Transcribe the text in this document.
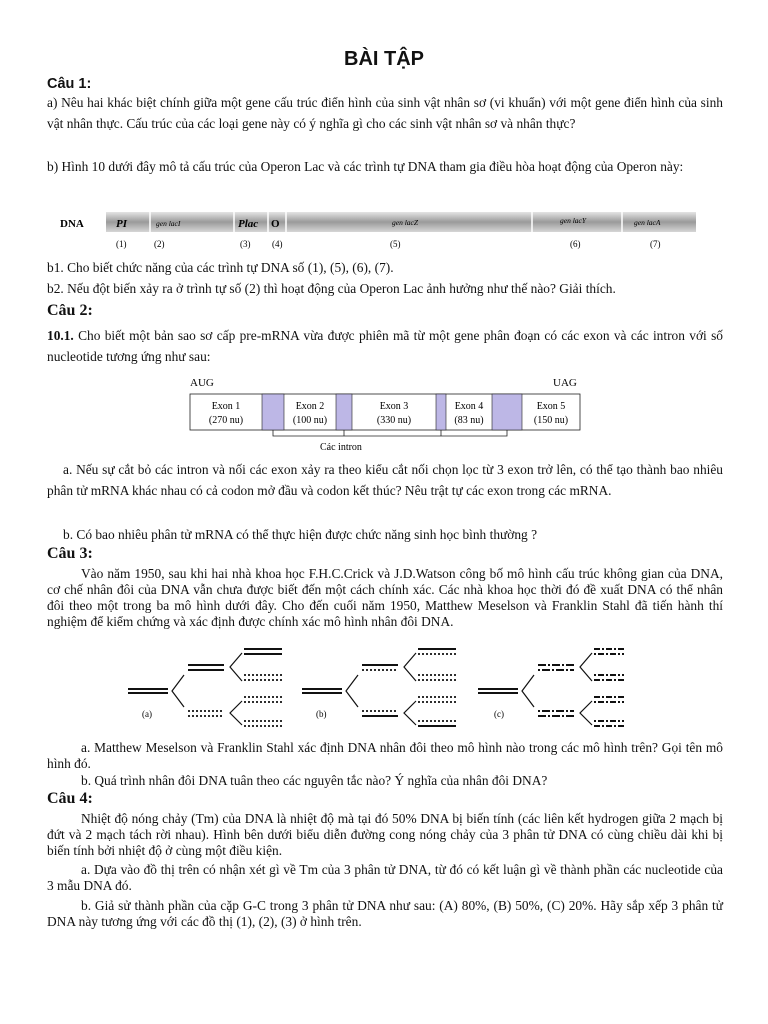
BÀI TẬP
Câu 1:
a) Nêu hai khác biệt chính giữa một gene cấu trúc điển hình của sinh vật nhân sơ (vi khuẩn) với một gene điển hình của sinh vật nhân thực. Cấu trúc của các loại gene này có ý nghĩa gì cho các sinh vật nhân sơ và nhân thực?
b) Hình 10 dưới đây mô tả cấu trúc của Operon Lac và các trình tự DNA tham gia điều hòa hoạt động của Operon này:
DNA	PI	gen lacI	Plac O	gen lacZ	gen lacY	gen lacA
(1)	(2)	(3) (4)	(5)	(6)	(7)
b1. Cho biết chức năng của các trình tự DNA số (1), (5), (6), (7).
b2. Nếu đột biến xảy ra ở trình tự số (2) thì hoạt động của Operon Lac ảnh hưởng như thế nào? Giải thích.
Câu 2:
10.1. Cho biết một bản sao sơ cấp pre-mRNA vừa được phiên mã từ một gene phân đoạn có các exon và các intron với số nucleotide tương ứng như sau:
AUG	UAG
Exon 1
(270 nu)
Exon 2
(100 nu)
Exon 3
(330 nu)
Exon 4
(83 nu)
Exon 5
(150 nu)
Các intron
a. Nếu sự cắt bỏ các intron và nối các exon xảy ra theo kiểu cắt nối chọn lọc từ 3 exon trở lên, có thể tạo thành bao nhiêu phân tử mRNA khác nhau có cả codon mở đầu và codon kết thúc? Nêu trật tự các exon trong các mRNA.
b. Có bao nhiêu phân tử mRNA có thể thực hiện được chức năng sinh học bình thường ?
Câu 3:
Vào năm 1950, sau khi hai nhà khoa học F.H.C.Crick và J.D.Watson công bố mô hình cấu trúc không gian của DNA, cơ chế nhân đôi của DNA vẫn chưa được biết đến một cách chính xác. Các nhà khoa học thời đó đề xuất DNA có thể nhân đôi theo một trong ba mô hình dưới đây. Cho đến cuối năm 1950, Matthew Meselson và Franklin Stahl đã tiến hành thí nghiệm để kiểm chứng và xác định được chính xác mô hình nhân đôi DNA.
(a)	(b)	(c)
a. Matthew Meselson và Franklin Stahl xác định DNA nhân đôi theo mô hình nào trong các mô hình trên? Gọi tên mô hình đó.
b. Quá trình nhân đôi DNA tuân theo các nguyên tắc nào? Ý nghĩa của nhân đôi DNA?
Câu 4:
Nhiệt độ nóng chảy (Tm) của DNA là nhiệt độ mà tại đó 50% DNA bị biến tính (các liên kết hydrogen giữa 2 mạch bị đứt và 2 mạch tách rời nhau). Hình bên dưới biểu diễn đường cong nóng chảy của 3 phân tử DNA có cùng chiều dài khi bị biến tính bởi nhiệt độ ở cùng một điều kiện.
a. Dựa vào đồ thị trên có nhận xét gì về Tm của 3 phân tử DNA, từ đó có kết luận gì về thành phần các nucleotide của 3 mẫu DNA đó.
b. Giả sử thành phần của cặp G-C trong 3 phân tử DNA như sau: (A) 80%, (B) 50%, (C) 20%. Hãy sắp xếp 3 phân tử DNA này tương ứng với các đồ thị (1), (2), (3) ở hình trên.
